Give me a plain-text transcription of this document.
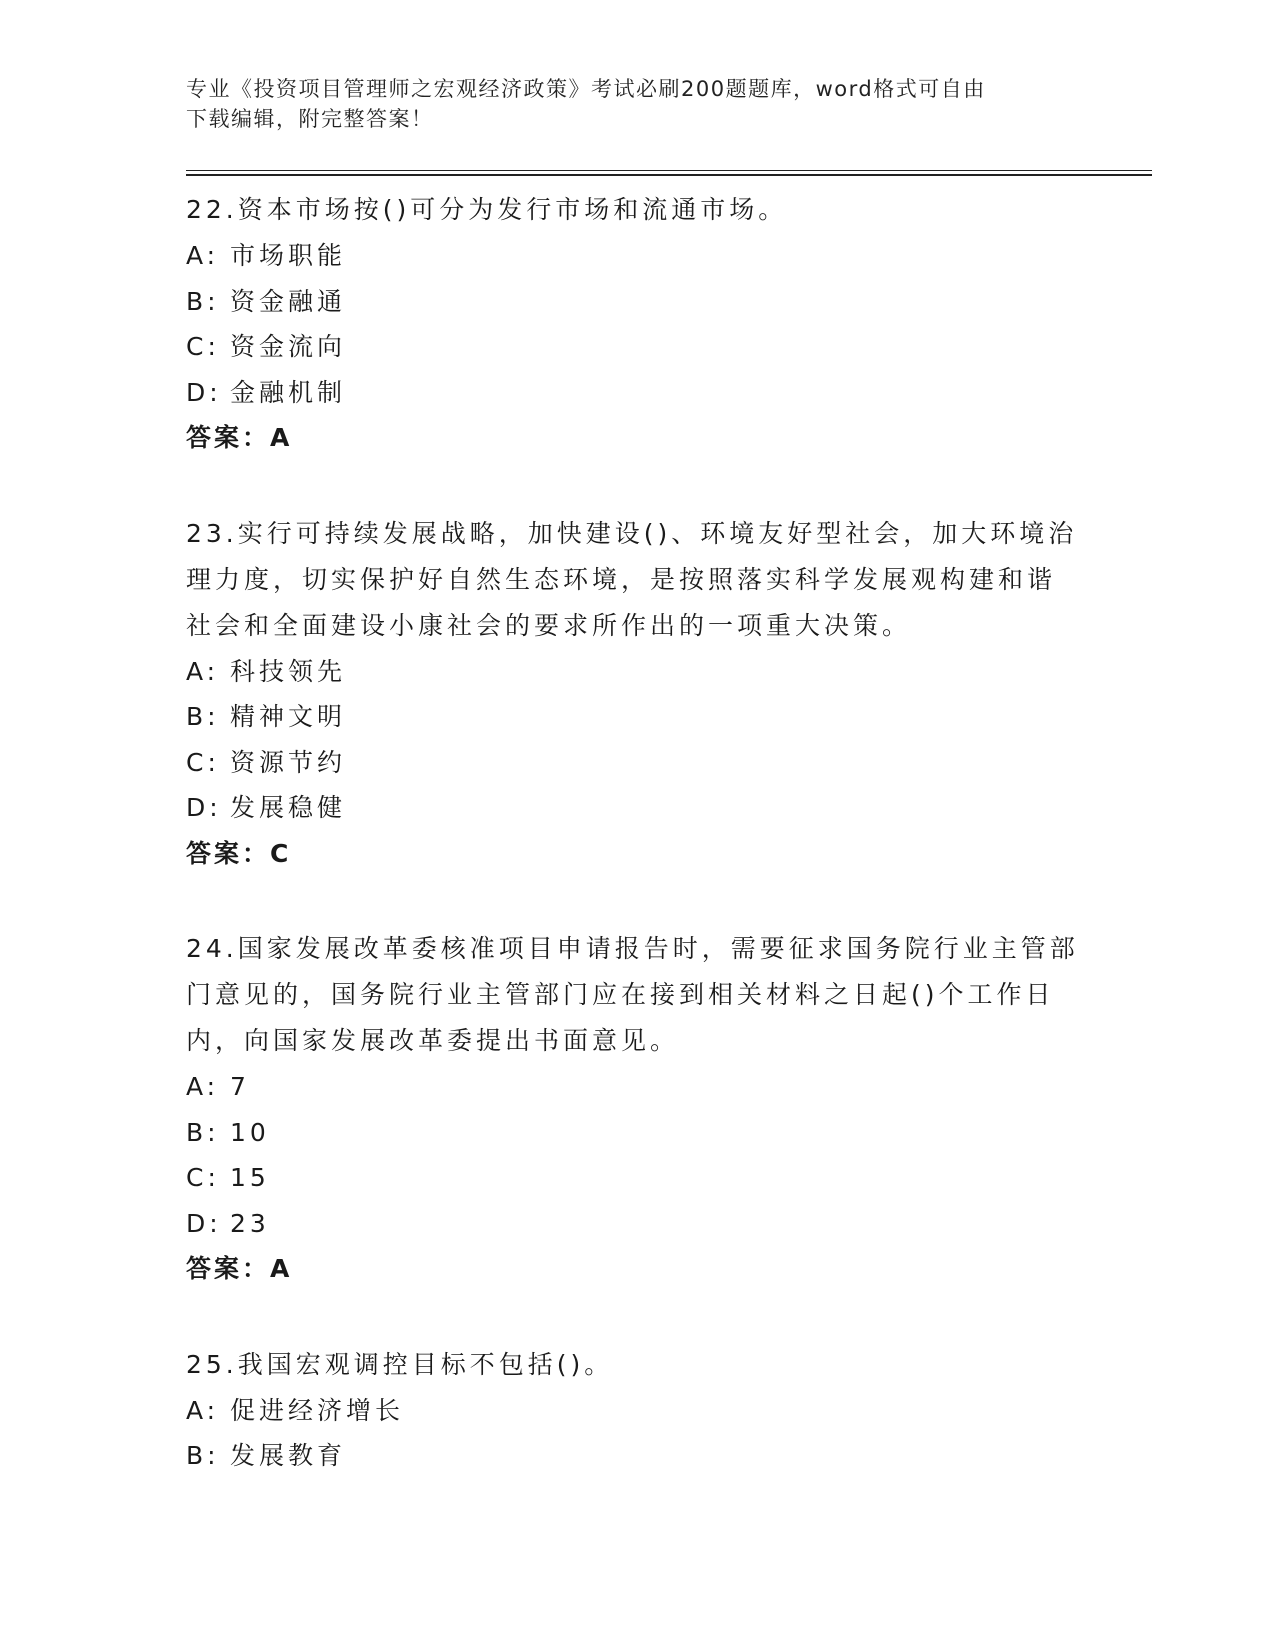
专业《投资项目管理师之宏观经济政策》考试必刷200题题库，word格式可自由
下载编辑，附完整答案！
22.资本市场按()可分为发行市场和流通市场。
A: 市场职能
B: 资金融通
C: 资金流向
D: 金融机制
答案：A
23.实行可持续发展战略，加快建设()、环境友好型社会，加大环境治
理力度，切实保护好自然生态环境，是按照落实科学发展观构建和谐
社会和全面建设小康社会的要求所作出的一项重大决策。
A: 科技领先
B: 精神文明
C: 资源节约
D: 发展稳健
答案：C
24.国家发展改革委核准项目申请报告时，需要征求国务院行业主管部
门意见的，国务院行业主管部门应在接到相关材料之日起()个工作日
内，向国家发展改革委提出书面意见。
A: 7
B: 10
C: 15
D: 23
答案：A
25.我国宏观调控目标不包括()。
A: 促进经济增长
B: 发展教育
